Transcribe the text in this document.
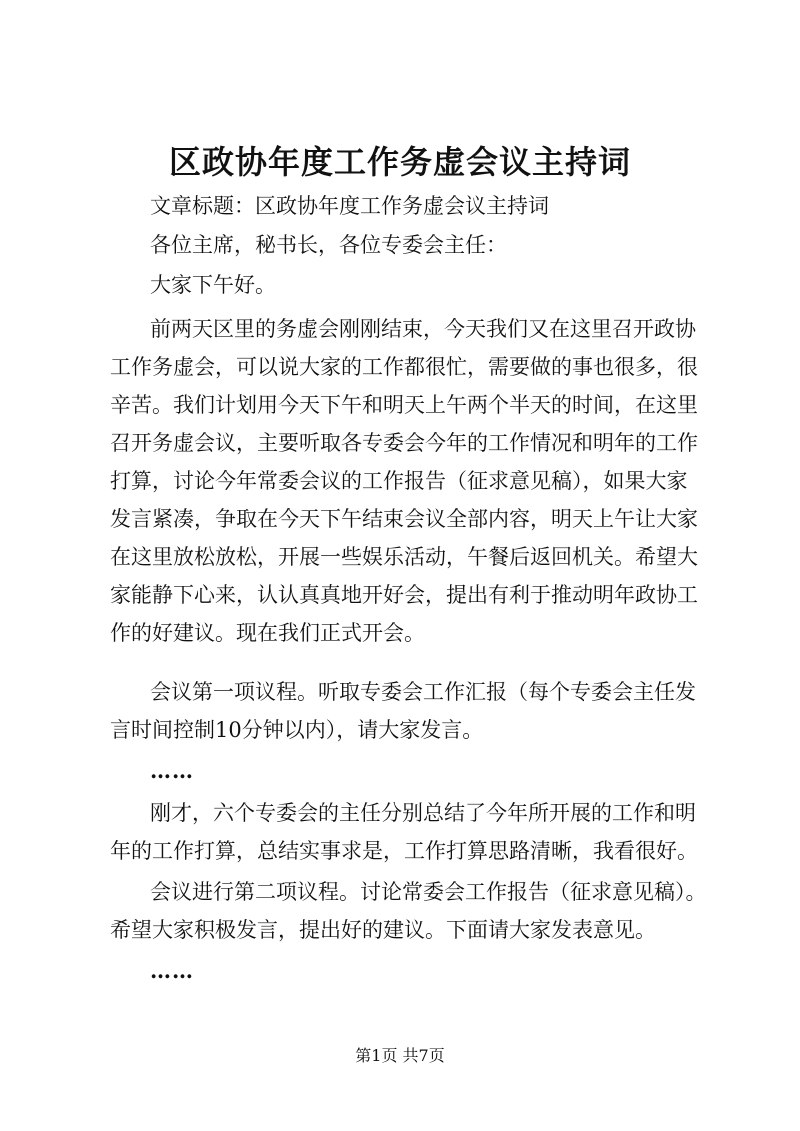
区政协年度工作务虚会议主持词
文章标题：区政协年度工作务虚会议主持词
各位主席，秘书长，各位专委会主任：
大家下午好。
前两天区里的务虚会刚刚结束，今天我们又在这里召开政协
工作务虚会，可以说大家的工作都很忙，需要做的事也很多，很
辛苦。我们计划用今天下午和明天上午两个半天的时间，在这里
召开务虚会议，主要听取各专委会今年的工作情况和明年的工作
打算，讨论今年常委会议的工作报告（征求意见稿），如果大家
发言紧凑，争取在今天下午结束会议全部内容，明天上午让大家
在这里放松放松，开展一些娱乐活动，午餐后返回机关。希望大
家能静下心来，认认真真地开好会，提出有利于推动明年政协工
作的好建议。现在我们正式开会。
会议第一项议程。听取专委会工作汇报（每个专委会主任发
言时间控制10分钟以内），请大家发言。
……
刚才，六个专委会的主任分别总结了今年所开展的工作和明
年的工作打算，总结实事求是，工作打算思路清晰，我看很好。
会议进行第二项议程。讨论常委会工作报告（征求意见稿）。
希望大家积极发言，提出好的建议。下面请大家发表意见。
……
第1页 共7页
